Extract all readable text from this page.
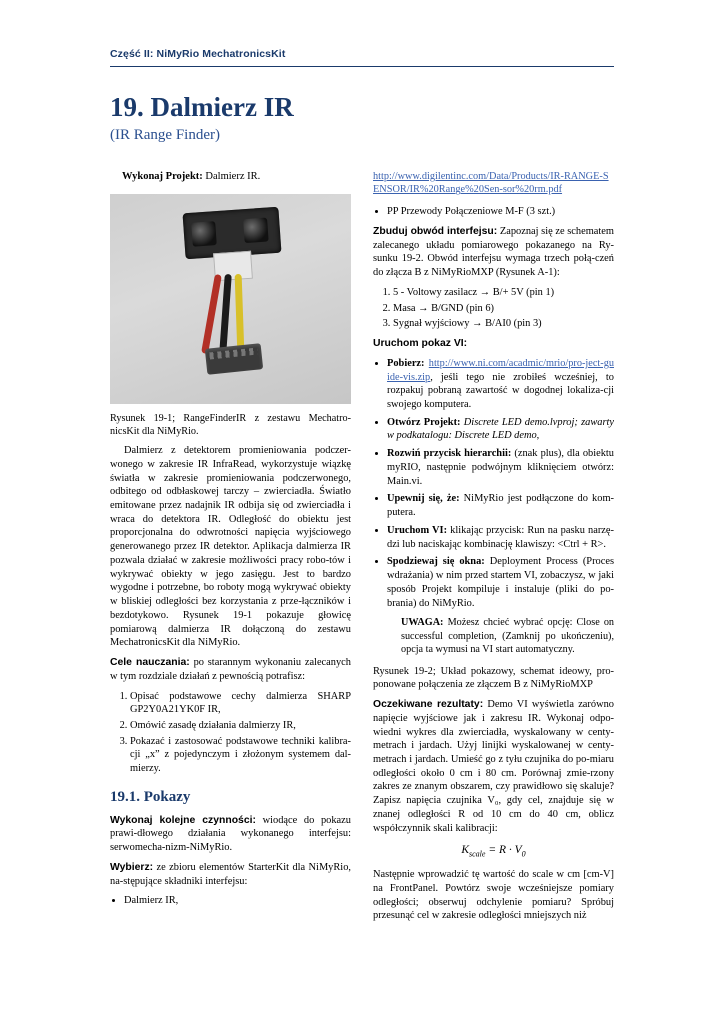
Część II: NiMyRio MechatronicsKit
19. Dalmierz IR
(IR Range Finder)
Wykonaj Projekt: Dalmierz IR.

Rysunek 19-1; RangeFinderIR z zestawu Mechatro-nicsKit dla NiMyRio.

Dalmierz z detektorem promieniowania podczer-wonego w zakresie IR InfraRead, wykorzystuje wiązkę światła w zakresie promieniowania podczerwonego, odbitego od odbłaskowej tarczy – zwierciadła. Światło emitowane przez nadajnik IR odbija się od zwierciadła i wraca do detektora IR. Odległość do obiektu jest proporcjonalna do odwrotności napięcia wyjściowego generowanego przez IR detektor. Aplikacja dalmierza IR pozwala działać w zakresie możliwości pracy robo-tów i wykrywać obiekty w jego zasięgu. Jest to bardzo wygodne i potrzebne, bo roboty mogą wykrywać obiekty w bliskiej odległości bez korzystania z prze-łączników i bezdotykowo. Rysunek 19-1 pokazuje głowicę pomiarową dalmierza IR dołączoną do zestawu MechatronicsKit dla NiMyRio.

Cele nauczania: po starannym wykonaniu zalecanych w tym rozdziale działań z pewnością potrafisz:

1. Opisać podstawowe cechy dalmierza SHARP GP2Y0A21YK0F IR,
2. Omówić zasadę działania dalmierzy IR,
3. Pokazać i zastosować podstawowe techniki kalibra-cji „x” z pojedynczym i złożonym systemem dal-mierzy.
19.1. Pokazy

Wykonaj kolejne czynności: wiodące do pokazu prawi-dłowego działania wykonanego interfejsu: serwomecha-nizm-NiMyRio.

Wybierz: ze zbioru elementów StarterKit dla NiMyRio, na-stępujące składniki interfejsu:

• Dalmierz IR,
http://www.digilentinc.com/Data/Products/IR-RANGE-SENSOR/IR%20Range%20Sen-sor%20rm.pdf
• PP Przewody Połączeniowe M-F (3 szt.)

Zbuduj obwód interfejsu: Zapoznaj się ze schematem zalecanego układu pomiarowego pokazanego na Ry-sunku 19-2. Obwód interfejsu wymaga trzech połą-czeń do złącza B z NiMyRioMXP (Rysunek A-1):

1. 5 - Voltowy zasilacz → B/+ 5V (pin 1)
2. Masa → B/GND (pin 6)
3. Sygnał wyjściowy → B/AI0 (pin 3)

Uruchom pokaz VI:

• Pobierz: http://www.ni.com/acadmic/mrio/pro-ject-guide-vis.zip, jeśli tego nie zrobiłeś wcześniej, to rozpakuj pobraną zawartość w dogodnej lokaliza-cji swojego komputera.
• Otwórz Projekt: Discrete LED demo.lvproj; zawarty w podkatalogu: Discrete LED demo,
• Rozwiń przycisk hierarchii: (znak plus), dla obiektu myRIO, następnie podwójnym kliknięciem otwórz: Main.vi.
• Upewnij się, że: NiMyRio jest podłączone do kom-putera.
• Uruchom VI: klikając przycisk: Run na pasku narzę-dzi lub naciskając kombinację klawiszy: <Ctrl + R>.
• Spodziewaj się okna: Deployment Process (Proces wdrażania) w nim przed startem VI, zobaczysz, w jaki sposób Projekt kompiluje i instaluje (pliki do po-brania) do NiMyRio.
UWAGA: Możesz chcieć wybrać opcję: Close on successful completion, (Zamknij po ukończeniu), opcja ta wymusi na VI start automatyczny.

Rysunek 19-2; Układ pokazowy, schemat ideowy, pro-ponowane połączenia ze złączem B z NiMyRioMXP

Oczekiwane rezultaty: Demo VI wyświetla zarówno napięcie wyjściowe jak i zakresu IR. Wykonaj odpo-wiedni wykres dla zwierciadła, wyskalowany w centy-metrach i jardach. Użyj linijki wyskalowanej w centy-metrach i jardach. Umieść go z tyłu czujnika do po-miaru odległości około 0 cm i 80 cm. Porównaj zmie-rzony zakres ze znanym obszarem, czy prawidłowo się skaluje? Zapisz napięcia czujnika V₀, gdy cel, znajduje się w znanej odległości R od 10 cm do 40 cm, oblicz współczynnik skali kalibracji:

$K_{scale} = R \cdot V_0$

Następnie wprowadzić tę wartość do scale w cm [cm-V] na FrontPanel. Powtórz swoje wcześniejsze pomiary odległości; obserwuj odchylenie pomiaru? Spróbuj przesunąć cel w zakresie odległości mniejszych niż
